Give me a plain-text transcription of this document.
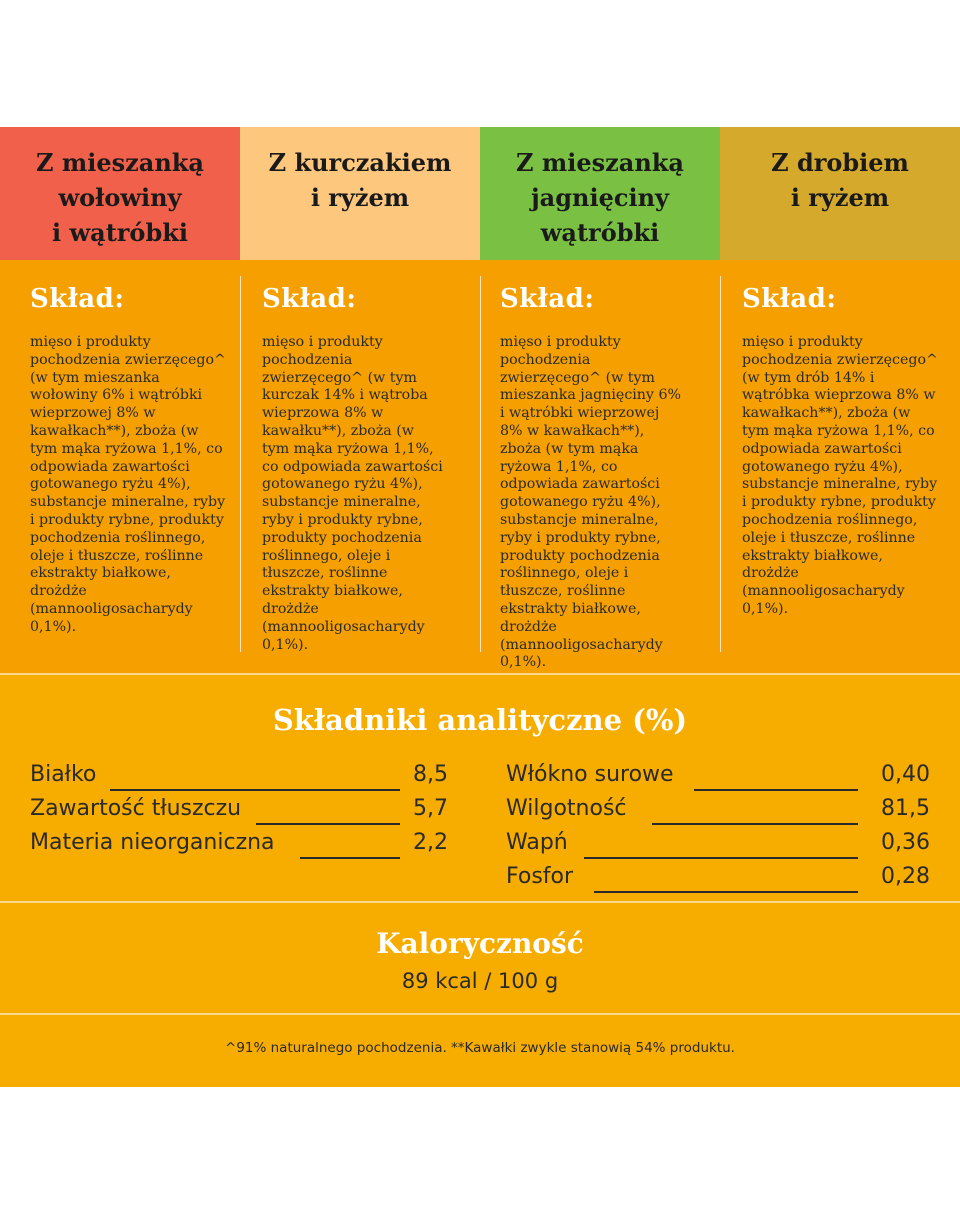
Z mieszanką
wołowiny
i wątróbki
Z kurczakiem
i ryżem
Z mieszanką
jagnięciny
wątróbki
Z drobiem
i ryżem
Skład:
mięso i produkty pochodzenia zwierzęcego^ (w tym mieszanka wołowiny 6% i wątróbki wieprzowej 8% w kawałkach**), zboża (w tym mąka ryżowa 1,1%, co odpowiada zawartości gotowanego ryżu 4%), substancje mineralne, ryby i produkty rybne, produkty pochodzenia roślinnego, oleje i tłuszcze, roślinne ekstrakty białkowe, drożdże (mannooligosacharydy 0,1%).
Skład:
mięso i produkty pochodzenia zwierzęcego^ (w tym kurczak 14% i wątroba wieprzowa 8% w kawałku**), zboża (w tym mąka ryżowa 1,1%, co odpowiada zawartości gotowanego ryżu 4%), substancje mineralne, ryby i produkty rybne, produkty pochodzenia roślinnego, oleje i tłuszcze, roślinne ekstrakty białkowe, drożdże (mannooligosacharydy 0,1%).
Skład:
mięso i produkty pochodzenia zwierzęcego^ (w tym mieszanka jagnięciny 6% i wątróbki wieprzowej 8% w kawałkach**), zboża (w tym mąka ryżowa 1,1%, co odpowiada zawartości gotowanego ryżu 4%), substancje mineralne, ryby i produkty rybne, produkty pochodzenia roślinnego, oleje i tłuszcze, roślinne ekstrakty białkowe, drożdże (mannooligosacharydy 0,1%).
Skład:
mięso i produkty pochodzenia zwierzęcego^ (w tym drób 14% i wątróbka wieprzowa 8% w kawałkach**), zboża (w tym mąka ryżowa 1,1%, co odpowiada zawartości gotowanego ryżu 4%), substancje mineralne, ryby i produkty rybne, produkty pochodzenia roślinnego, oleje i tłuszcze, roślinne ekstrakty białkowe, drożdże (mannooligosacharydy 0,1%).
Składniki analityczne (%)
Białko	8,5
Zawartość tłuszczu	5,7
Materia nieorganiczna	2,2
Włókno surowe	0,40
Wilgotność	81,5
Wapń	0,36
Fosfor	0,28
Kaloryczność
89 kcal / 100 g
^91% naturalnego pochodzenia. **Kawałki zwykle stanowią 54% produktu.
